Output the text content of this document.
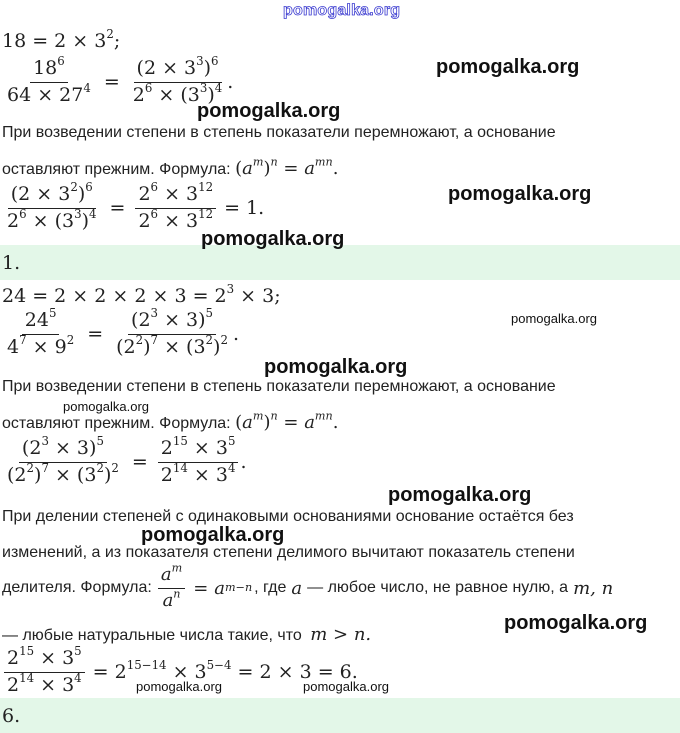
pomogalka.org
$18 = 2 \times 3^2$;
$\frac{18^6}{64 \times 27^4} = \frac{(2 \times 3^3)^6}{2^6 \times (3^3)^4}$ .
При возведении степени в степень показатели перемножают, а основание
оставляют прежним. Формула: $(a^m)^n = a^{mn}$.
$\frac{(2 \times 3^2)^6}{2^6 \times (3^3)^4} = \frac{2^6 \times 3^{12}}{2^6 \times 3^{12}} = 1$.
1.
$24 = 2 \times 2 \times 2 \times 3 = 2^3 \times 3$;
$\frac{24^5}{4^7 \times 9^2} = \frac{(2^3 \times 3)^5}{(2^2)^7 \times (3^2)^2}$ .
При возведении степени в степень показатели перемножают, а основание
оставляют прежним. Формула: $(a^m)^n = a^{mn}$.
$\frac{(2^3 \times 3)^5}{(2^2)^7 \times (3^2)^2} = \frac{2^{15} \times 3^5}{2^{14} \times 3^4}$ .
При делении степеней с одинаковыми основаниями основание остаётся без
изменений, а из показателя степени делимого вычитают показатель степени
делителя. Формула: $\frac{a^m}{a^n} = a$ m−n , где a — любое число, не равное нулю, а m, n
— любые натуральные числа такие, что m > n.
$\frac{2^{15} \times 3^5}{2^{14} \times 3^4} = 2^{15-14} \times 3^{5-4} = 2 \times 3 = 6$.
6.
pomogalka.org
pomogalka.org
pomogalka.org
pomogalka.org
pomogalka.org
pomogalka.org
pomogalka.org
pomogalka.org
pomogalka.org
pomogalka.org
pomogalka.org	pomogalka.org
